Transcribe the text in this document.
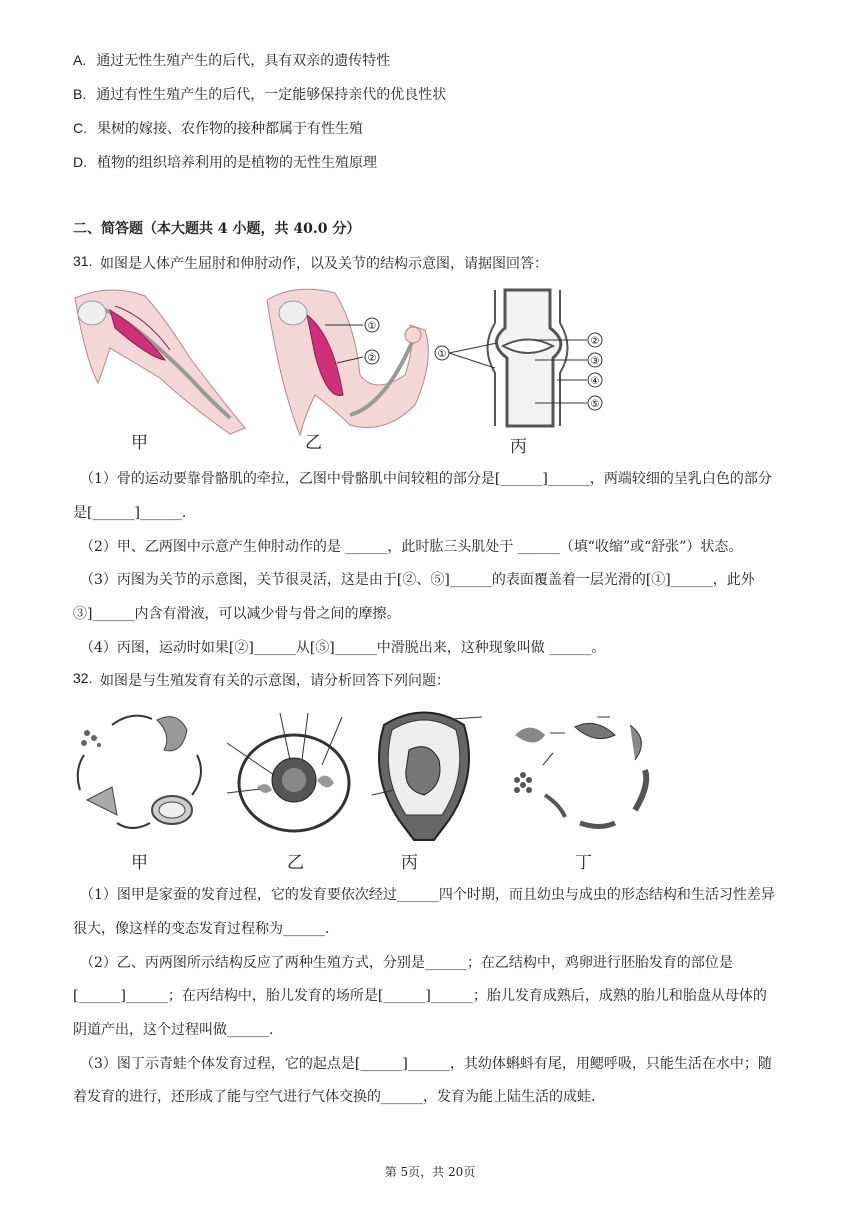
A. 通过无性生殖产生的后代，具有双亲的遗传特性
B. 通过有性生殖产生的后代，一定能够保持亲代的优良性状
C. 果树的嫁接、农作物的接种都属于有性生殖
D. 植物的组织培养利用的是植物的无性生殖原理
二、简答题（本大题共 4 小题，共 40.0 分）
31. 如图是人体产生屈肘和伸肘动作，以及关节的结构示意图，请据图回答：
甲
①
②
乙
①
②
③
④
⑤
丙
（1）骨的运动要靠骨骼肌的牵拉，乙图中骨骼肌中间较粗的部分是[______]______，两端较细的呈乳白色的部分
是[______]______.
（2）甲、乙两图中示意产生伸肘动作的是 ______，此时肱三头肌处于 ______（填“收缩”或“舒张”）状态。
（3）丙图为关节的示意图，关节很灵活，这是由于[②、⑤]______的表面覆盖着一层光滑的[①]______，此外
③]______内含有滑液，可以减少骨与骨之间的摩擦。
（4）丙图，运动时如果[②]______从[⑤]______中滑脱出来，这种现象叫做 ______。
32. 如图是与生殖发育有关的示意图，请分析回答下列问题：
甲	乙	丙	丁
（1）图甲是家蚕的发育过程，它的发育要依次经过______四个时期，而且幼虫与成虫的形态结构和生活习性差异
很大，像这样的变态发育过程称为______.
（2）乙、丙两图所示结构反应了两种生殖方式，分别是______；在乙结构中，鸡卵进行胚胎发育的部位是
[______]______；在丙结构中，胎儿发育的场所是[______]______；胎儿发育成熟后，成熟的胎儿和胎盘从母体的
阴道产出，这个过程叫做______.
（3）图丁示青蛙个体发育过程，它的起点是[______]______，其幼体蝌蚪有尾，用鳃呼吸，只能生活在水中；随
着发育的进行，还形成了能与空气进行气体交换的______，发育为能上陆生活的成蛙.
第 5页，共 20页
